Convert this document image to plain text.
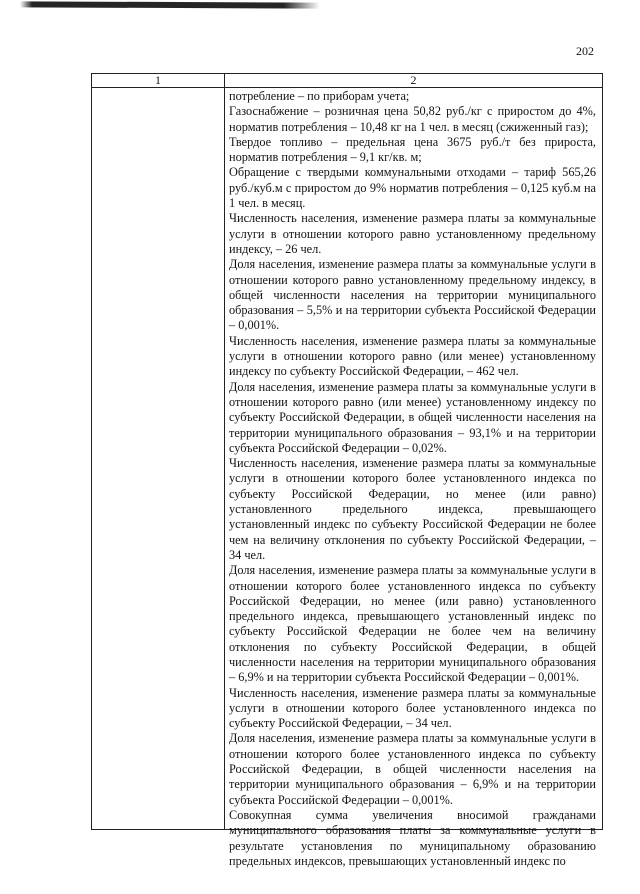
202
1	2

потребление – по приборам учета;

Газоснабжение – розничная цена 50,82 руб./кг с приростом до 4%, норматив потребления – 10,48 кг на 1 чел. в месяц (сжиженный газ);

Твердое топливо – предельная цена 3675 руб./т без прироста, норматив потребления – 9,1 кг/кв. м;

Обращение с твердыми коммунальными отходами – тариф 565,26 руб./куб.м с приростом до 9% норматив потребления – 0,125 куб.м на 1 чел. в месяц.

Численность населения, изменение размера платы за коммунальные услуги в отношении которого равно установленному предельному индексу, – 26 чел.

Доля населения, изменение размера платы за коммунальные услуги в отношении которого равно установленному предельному индексу, в общей численности населения на территории муниципального образования – 5,5% и на территории субъекта Российской Федерации – 0,001%.

Численность населения, изменение размера платы за коммунальные услуги в отношении которого равно (или менее) установленному индексу по субъекту Российской Федерации, – 462 чел.

Доля населения, изменение размера платы за коммунальные услуги в отношении которого равно (или менее) установленному индексу по субъекту Российской Федерации, в общей численности населения на территории муниципального образования – 93,1% и на территории субъекта Российской Федерации – 0,02%.

Численность населения, изменение размера платы за коммунальные услуги в отношении которого более установленного индекса по субъекту Российской Федерации, но менее (или равно) установленного предельного индекса, превышающего установленный индекс по субъекту Российской Федерации не более чем на величину отклонения по субъекту Российской Федерации, – 34 чел.

Доля населения, изменение размера платы за коммунальные услуги в отношении которого более установленного индекса по субъекту Российской Федерации, но менее (или равно) установленного предельного индекса, превышающего установленный индекс по субъекту Российской Федерации не более чем на величину отклонения по субъекту Российской Федерации, в общей численности населения на территории муниципального образования – 6,9% и на территории субъекта Российской Федерации – 0,001%.

Численность населения, изменение размера платы за коммунальные услуги в отношении которого более установленного индекса по субъекту Российской Федерации, – 34 чел.

Доля населения, изменение размера платы за коммунальные услуги в отношении которого более установленного индекса по субъекту Российской Федерации, в общей численности населения на территории муниципального образования – 6,9% и на территории субъекта Российской Федерации – 0,001%.

Совокупная сумма увеличения вносимой гражданами муниципального образования платы за коммунальные услуги в результате установления по муниципальному образованию предельных индексов, превышающих установленный индекс по
